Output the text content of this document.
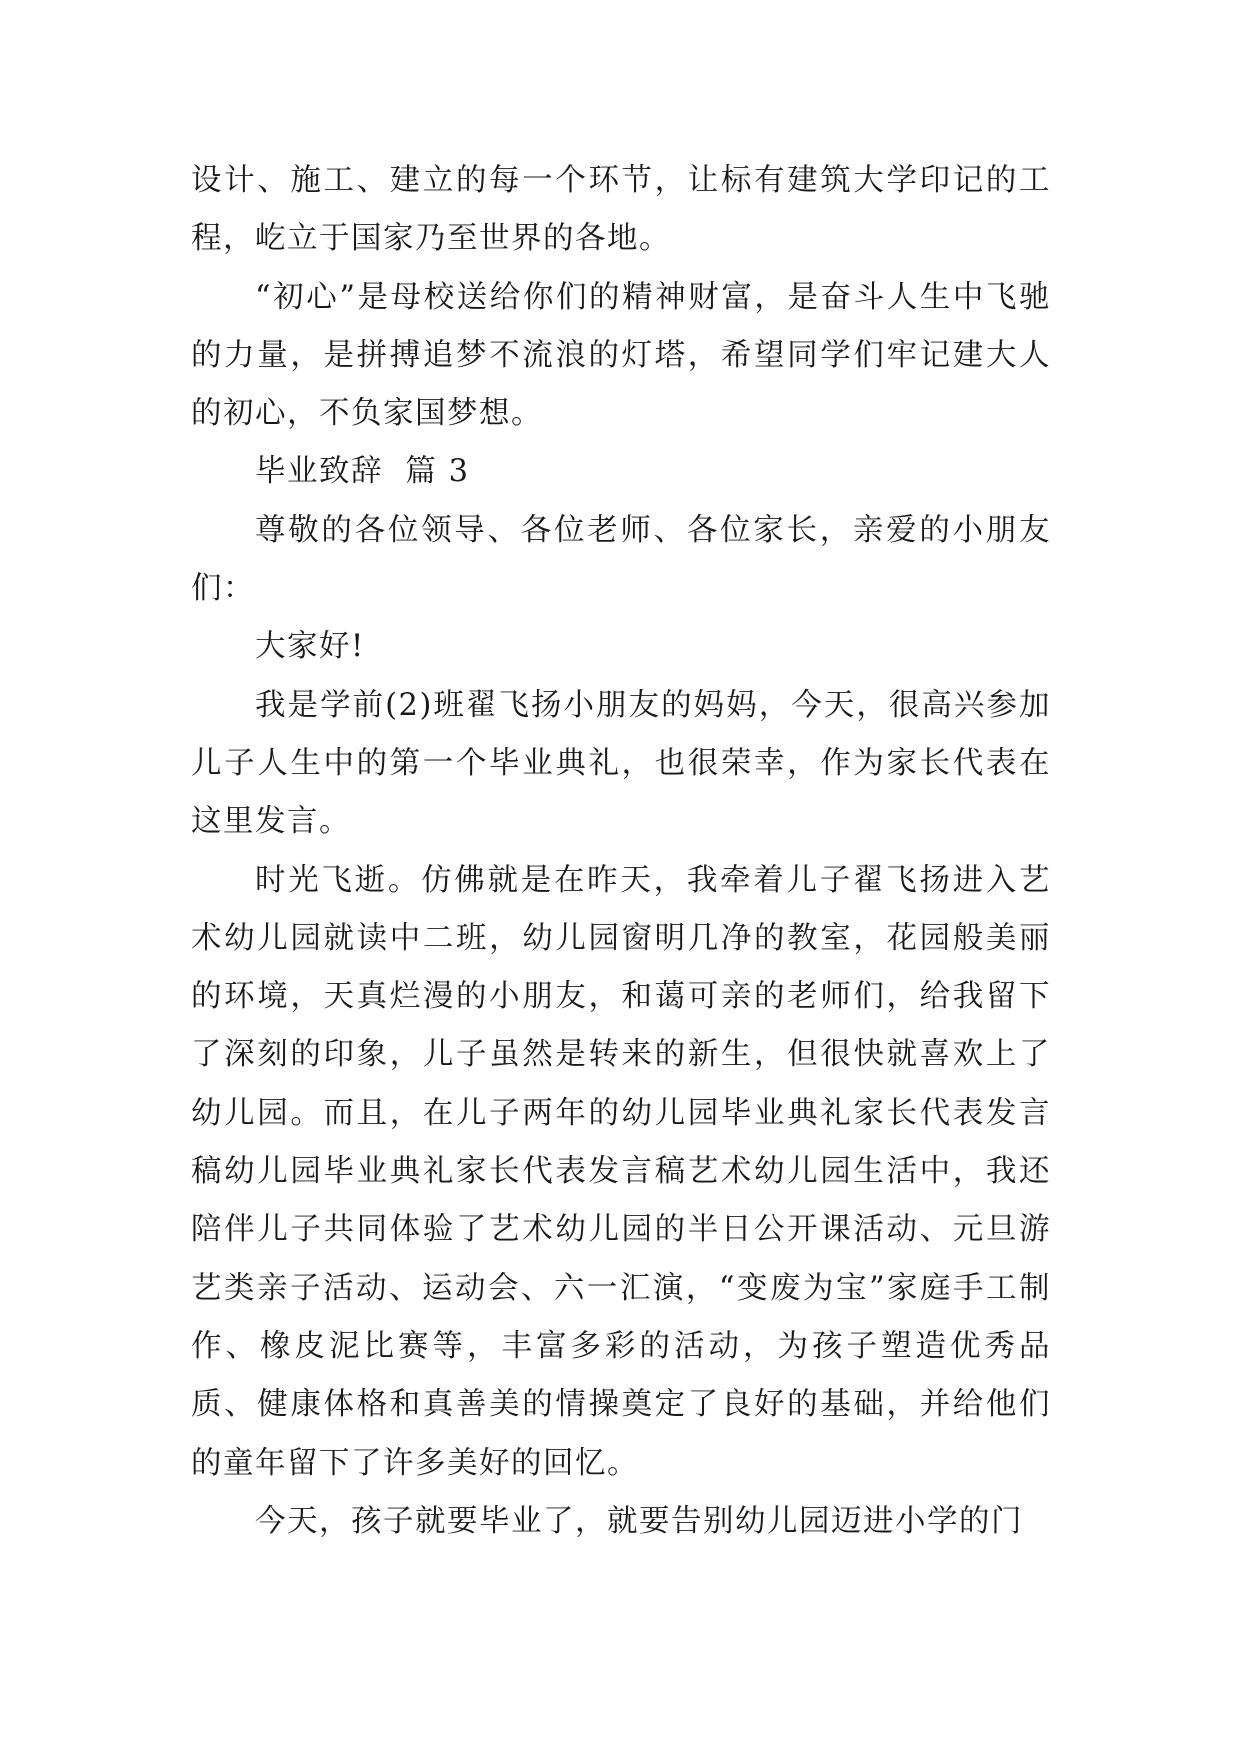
设计、施工、建立的每一个环节，让标有建筑大学印记的工程，屹立于国家乃至世界的各地。

“初心”是母校送给你们的精神财富，是奋斗人生中飞驰的力量，是拼搏追梦不流浪的灯塔，希望同学们牢记建大人的初心，不负家国梦想。

毕业致辞  篇 3

尊敬的各位领导、各位老师、各位家长，亲爱的小朋友们：

大家好!

我是学前(2)班翟飞扬小朋友的妈妈，今天，很高兴参加儿子人生中的第一个毕业典礼，也很荣幸，作为家长代表在这里发言。

时光飞逝。仿佛就是在昨天，我牵着儿子翟飞扬进入艺术幼儿园就读中二班，幼儿园窗明几净的教室，花园般美丽的环境，天真烂漫的小朋友，和蔼可亲的老师们，给我留下了深刻的印象，儿子虽然是转来的新生，但很快就喜欢上了幼儿园。而且，在儿子两年的幼儿园毕业典礼家长代表发言稿幼儿园毕业典礼家长代表发言稿艺术幼儿园生活中，我还陪伴儿子共同体验了艺术幼儿园的半日公开课活动、元旦游艺类亲子活动、运动会、六一汇演，“变废为宝”家庭手工制作、橡皮泥比赛等，丰富多彩的活动，为孩子塑造优秀品质、健康体格和真善美的情操奠定了良好的基础，并给他们的童年留下了许多美好的回忆。

今天，孩子就要毕业了，就要告别幼儿园迈进小学的门
